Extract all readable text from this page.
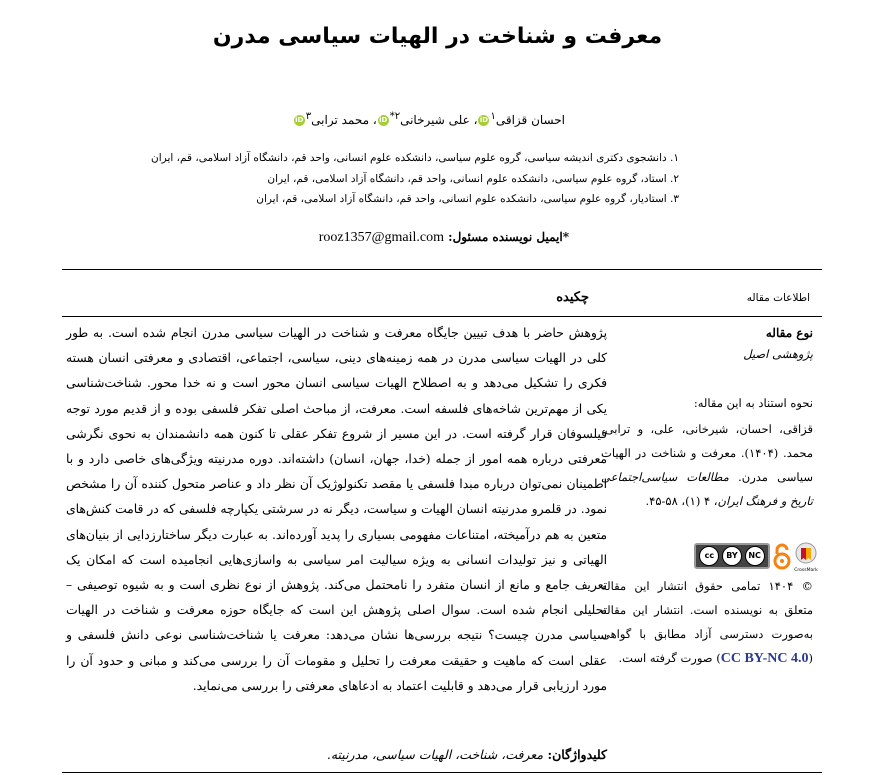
معرفت و شناخت در الهیات سیاسی مدرن
احسان قزاقی$^۱$iD، علی شیرخانی$^{۲*}$iD، محمد ترابی$^۳$iD
۱. دانشجوی دکتری اندیشه سیاسی، گروه علوم سیاسی، دانشکده علوم انسانی، واحد قم، دانشگاه آزاد اسلامی، قم، ایران
۲. استاد، گروه علوم سیاسی، دانشکده علوم انسانی، واحد قم، دانشگاه آزاد اسلامی، قم، ایران
۳. استادیار، گروه علوم سیاسی، دانشکده علوم انسانی، واحد قم، دانشگاه آزاد اسلامی، قم، ایران
*ایمیل نویسنده مسئول: rooz1357@gmail.com
اطلاعات مقاله
چکیده
نوع مقاله
پژوهشی اصیل
نحوه استناد به این مقاله:
قزاقی، احسان، شیرخانی، علی، و ترابی، محمد. (۱۴۰۴). معرفت و شناخت در الهیات سیاسی مدرن. مطالعات سیاسی‌اجتماعی تاریخ و فرهنگ ایران، ۴ (۱)، ۵۸-۴۵.
cc	BY	NC
CrossMark
© ۱۴۰۴ تمامی حقوق انتشار این مقاله متعلق به نویسنده است. انتشار این مقاله به‌صورت دسترسی آزاد مطابق با گواهی (CC BY-NC 4.0) صورت گرفته است.
پژوهش حاضر با هدف تبیین جایگاه معرفت و شناخت در الهیات سیاسی مدرن انجام شده است. به طور کلی در الهیات سیاسی مدرن در همه زمینه‌های دینی، سیاسی، اجتماعی، اقتصادی و معرفتی انسان هسته فکری را تشکیل می‌دهد و به اصطلاح الهیات سیاسی انسان محور است و نه خدا محور. شناخت‌شناسی یکی از مهم‌ترین شاخه‌های فلسفه است. معرفت، از مباحث اصلی تفکر فلسفی بوده و از قدیم مورد توجه فیلسوفان قرار گرفته است. در این مسیر از شروع تفکر عقلی تا کنون همه دانشمندان به نحوی نگرشی معرفتی درباره همه امور از جمله (خدا، جهان، انسان) داشته‌اند. دوره مدرنیته ویژگی‌های خاصی دارد و با اطمینان نمی‌توان درباره مبدا فلسفی یا مقصد تکنولوژیک آن نظر داد و عناصر متحول کننده آن را مشخص نمود. در قلمرو مدرنیته انسان الهیات و سیاست، دیگر نه در سرشتی یکپارچه فلسفی که در قامت کنش‌های متعین به هم درآمیخته، امتناعات مفهومی بسیاری را پدید آورده‌اند. به عبارت دیگر ساختارزدایی از بنیان‌های الهیاتی و نیز تولیدات انسانی به ویژه سیالیت امر سیاسی به واسازی‌هایی انجامیده است که امکان یک تعریف جامع و مانع از انسان متفرد را نامحتمل می‌کند. پژوهش از نوع نظری است و به شیوه توصیفی – تحلیلی انجام شده است. سوال اصلی پژوهش این است که جایگاه حوزه معرفت و شناخت در الهیات سیاسی مدرن چیست؟ نتیجه بررسی‌ها نشان می‌دهد: معرفت یا شناخت‌شناسی نوعی دانش فلسفی و عقلی است که ماهیت و حقیقت معرفت را تحلیل و مقومات آن را بررسی می‌کند و مبانی و حدود آن را مورد ارزیابی قرار می‌دهد و قابلیت اعتماد به ادعاهای معرفتی را بررسی می‌نماید.
کلیدواژگان: معرفت، شناخت، الهیات سیاسی، مدرنیته.
